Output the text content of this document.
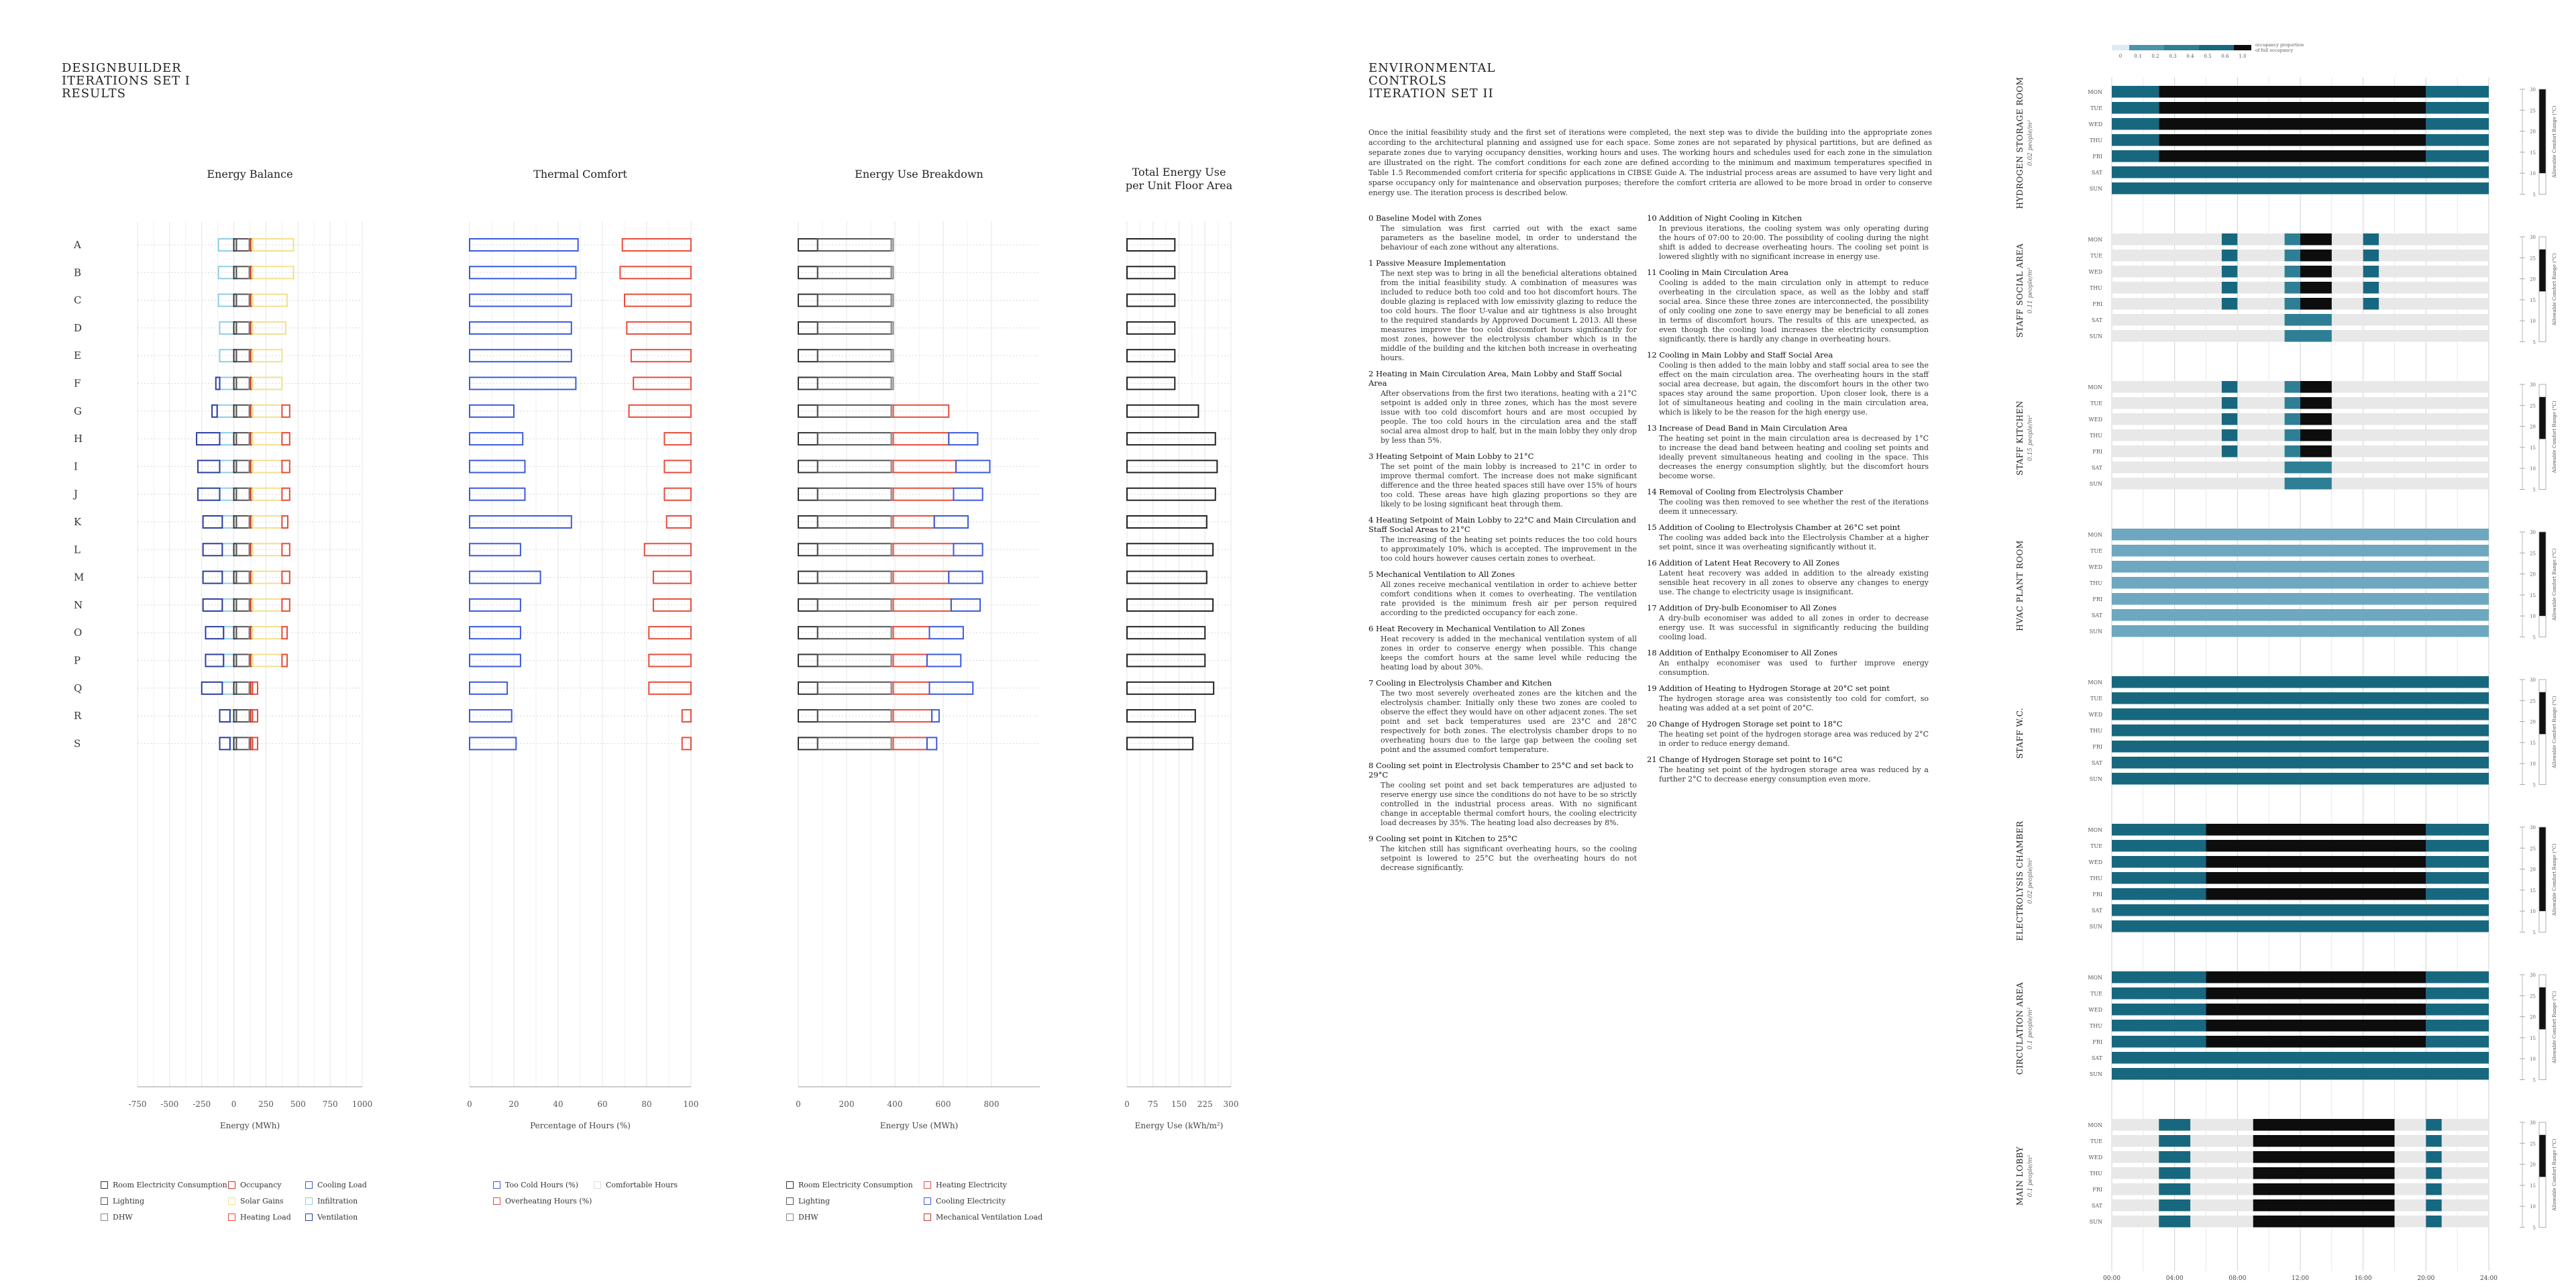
DESIGNBUILDER
ITERATIONS SET I
RESULTS
A
B
C
D
E
F
G
H
I
J
K
L
M
N
O
P
Q
R
S
Energy Balance
-750 -500 -250	0	250 500 750 1000
Energy (MWh)
Thermal Comfort
0	20	40	60	80	100
Percentage of Hours (%)
Energy Use Breakdown
0	200	400	600	800
Energy Use (MWh)
Total Energy Use
per Unit Floor Area
0 75 150 225 300
Energy Use (kWh/m²)
Room Electricity Consumption Occupancy	Cooling Load
Lighting	Solar Gains	Infiltration
DHW	Heating Load	Ventilation
Too Cold Hours (%)	Comfortable Hours
Overheating Hours (%)
Room Electricity Consumption	Heating Electricity
Lighting	Cooling Electricity
DHW	Mechanical Ventilation Load
ENVIRONMENTAL
CONTROLS
ITERATION SET II
Once the initial feasibility study and the first set of iterations were completed, the next step was to divide the building into the appropriate zones according to the architectural planning and assigned use for each space. Some zones are not separated by physical partitions, but are defined as separate zones due to varying occupancy densities, working hours and uses. The working hours and schedules used for each zone in the simulation are illustrated on the right. The comfort conditions for each zone are defined according to the minimum and maximum temperatures specified in Table 1.5 Recommended comfort criteria for specific applications in CIBSE Guide A. The industrial process areas are assumed to have very light and sparse occupancy only for maintenance and observation purposes; therefore the comfort criteria are allowed to be more broad in order to conserve energy use. The iteration process is described below.
0 Baseline Model with Zones
The simulation was first carried out with the exact same parameters as the baseline model, in order to understand the behaviour of each zone without any alterations.
1 Passive Measure Implementation
The next step was to bring in all the beneficial alterations obtained from the initial feasibility study. A combination of measures was included to reduce both too cold and too hot discomfort hours. The double glazing is replaced with low emissivity glazing to reduce the too cold hours. The floor U-value and air tightness is also brought to the required standards by Approved Document L 2013. All these measures improve the too cold discomfort hours significantly for most zones, however the electrolysis chamber which is in the middle of the building and the kitchen both increase in overheating hours.
2 Heating in Main Circulation Area, Main Lobby and Staff Social Area
After observations from the first two iterations, heating with a 21°C setpoint is added only in three zones, which has the most severe issue with too cold discomfort hours and are most occupied by people. The too cold hours in the circulation area and the staff social area almost drop to half, but in the main lobby they only drop by less than 5%.
3 Heating Setpoint of Main Lobby to 21°C
The set point of the main lobby is increased to 21°C in order to improve thermal comfort. The increase does not make significant difference and the three heated spaces still have over 15% of hours too cold. These areas have high glazing proportions so they are likely to be losing significant heat through them.
4 Heating Setpoint of Main Lobby to 22°C and Main Circulation and Staff Social Areas to 21°C
The increasing of the heating set points reduces the too cold hours to approximately 10%, which is accepted. The improvement in the too cold hours however causes certain zones to overheat.
5 Mechanical Ventilation to All Zones
All zones receive mechanical ventilation in order to achieve better comfort conditions when it comes to overheating. The ventilation rate provided is the minimum fresh air per person required according to the predicted occupancy for each zone.
6 Heat Recovery in Mechanical Ventilation to All Zones
Heat recovery is added in the mechanical ventilation system of all zones in order to conserve energy when possible. This change keeps the comfort hours at the same level while reducing the heating load by about 30%.
7 Cooling in Electrolysis Chamber and Kitchen
The two most severely overheated zones are the kitchen and the electrolysis chamber. Initially only these two zones are cooled to observe the effect they would have on other adjacent zones. The set point and set back temperatures used are 23°C and 28°C respectively for both zones. The electrolysis chamber drops to no overheating hours due to the large gap between the cooling set point and the assumed comfort temperature.
8 Cooling set point in Electrolysis Chamber to 25°C and set back to 29°C
The cooling set point and set back temperatures are adjusted to reserve energy use since the conditions do not have to be so strictly controlled in the industrial process areas. With no significant change in acceptable thermal comfort hours, the cooling electricity load decreases by 35%. The heating load also decreases by 8%.
9 Cooling set point in Kitchen to 25°C
The kitchen still has significant overheating hours, so the cooling setpoint is lowered to 25°C but the overheating hours do not decrease significantly.
10 Addition of Night Cooling in Kitchen
In previous iterations, the cooling system was only operating during the hours of 07:00 to 20:00. The possibility of cooling during the night shift is added to decrease overheating hours. The cooling set point is lowered slightly with no significant increase in energy use.
11 Cooling in Main Circulation Area
Cooling is added to the main circulation only in attempt to reduce overheating in the circulation space, as well as the lobby and staff social area. Since these three zones are interconnected, the possibility of only cooling one zone to save energy may be beneficial to all zones in terms of discomfort hours. The results of this are unexpected, as even though the cooling load increases the electricity consumption significantly, there is hardly any change in overheating hours.
12 Cooling in Main Lobby and Staff Social Area
Cooling is then added to the main lobby and staff social area to see the effect on the main circulation area. The overheating hours in the staff social area decrease, but again, the discomfort hours in the other two spaces stay around the same proportion. Upon closer look, there is a lot of simultaneous heating and cooling in the main circulation area, which is likely to be the reason for the high energy use.
13 Increase of Dead Band in Main Circulation Area
The heating set point in the main circulation area is decreased by 1°C to increase the dead band between heating and cooling set points and ideally prevent simultaneous heating and cooling in the space. This decreases the energy consumption slightly, but the discomfort hours become worse.
14 Removal of Cooling from Electrolysis Chamber
The cooling was then removed to see whether the rest of the iterations deem it unnecessary.
15 Addition of Cooling to Electrolysis Chamber at 26°C set point
The cooling was added back into the Electrolysis Chamber at a higher set point, since it was overheating significantly without it.
16 Addition of Latent Heat Recovery to All Zones
Latent heat recovery was added in addition to the already existing sensible heat recovery in all zones to observe any changes to energy use. The change to electricity usage is insignificant.
17 Addition of Dry-bulb Economiser to All Zones
A dry-bulb economiser was added to all zones in order to decrease energy use. It was successful in significantly reducing the building cooling load.
18 Addition of Enthalpy Economiser to All Zones
An enthalpy economiser was used to further improve energy consumption.
19 Addition of Heating to Hydrogen Storage at 20°C set point
The hydrogen storage area was consistently too cold for comfort, so heating was added at a set point of 20°C.
20 Change of Hydrogen Storage set point to 18°C
The heating set point of the hydrogen storage area was reduced by 2°C in order to reduce energy demand.
21 Change of Hydrogen Storage set point to 16°C
The heating set point of the hydrogen storage area was reduced by a further 2°C to decrease energy consumption even more.
0	0.1 0.2 0.3 0.4 0.5 0.6 1.0
occupancy proportion
of full occupancy
HYDROGEN STORAGE ROOM 0.02 people/m²
MON
TUE
WED
THU
FRI
SAT
SUN
30
25
20
15
10
5
Allowable Comfort Range (°C)
STAFF SOCIAL AREA 0.11 people/m²
MON
TUE
WED
THU
FRI
SAT
SUN
30
25
20
15
10
5
Allowable Comfort Range (°C)
STAFF KITCHEN 0.15 people/m²
MON
TUE
WED
THU
FRI
SAT
SUN
30
25
20
15
10
5
Allowable Comfort Range (°C)
HVAC PLANT ROOM
MON
TUE
WED
THU
FRI
SAT
SUN
30
25
20
15
10
5
Allowable Comfort Range (°C)
STAFF W.C.
MON
TUE
WED
THU
FRI
SAT
SUN
30
25
20
15
10
5
Allowable Comfort Range (°C)
ELECTROLYSIS CHAMBER 0.02 people/m²
MON
TUE
WED
THU
FRI
SAT
SUN
30
25
20
15
10
5
Allowable Comfort Range (°C)
CIRCULATION AREA 0.1 people/m²
MON
TUE
WED
THU
FRI
SAT
SUN
30
25
20
15
10
5
Allowable Comfort Range (°C)
MAIN LOBBY 0.1 people/m²
MON
TUE
WED
THU
FRI
SAT
SUN
30
25
20
15
10
5
Allowable Comfort Range (°C)
00:00	04:00	08:00	12:00	16:00	20:00	24:00
